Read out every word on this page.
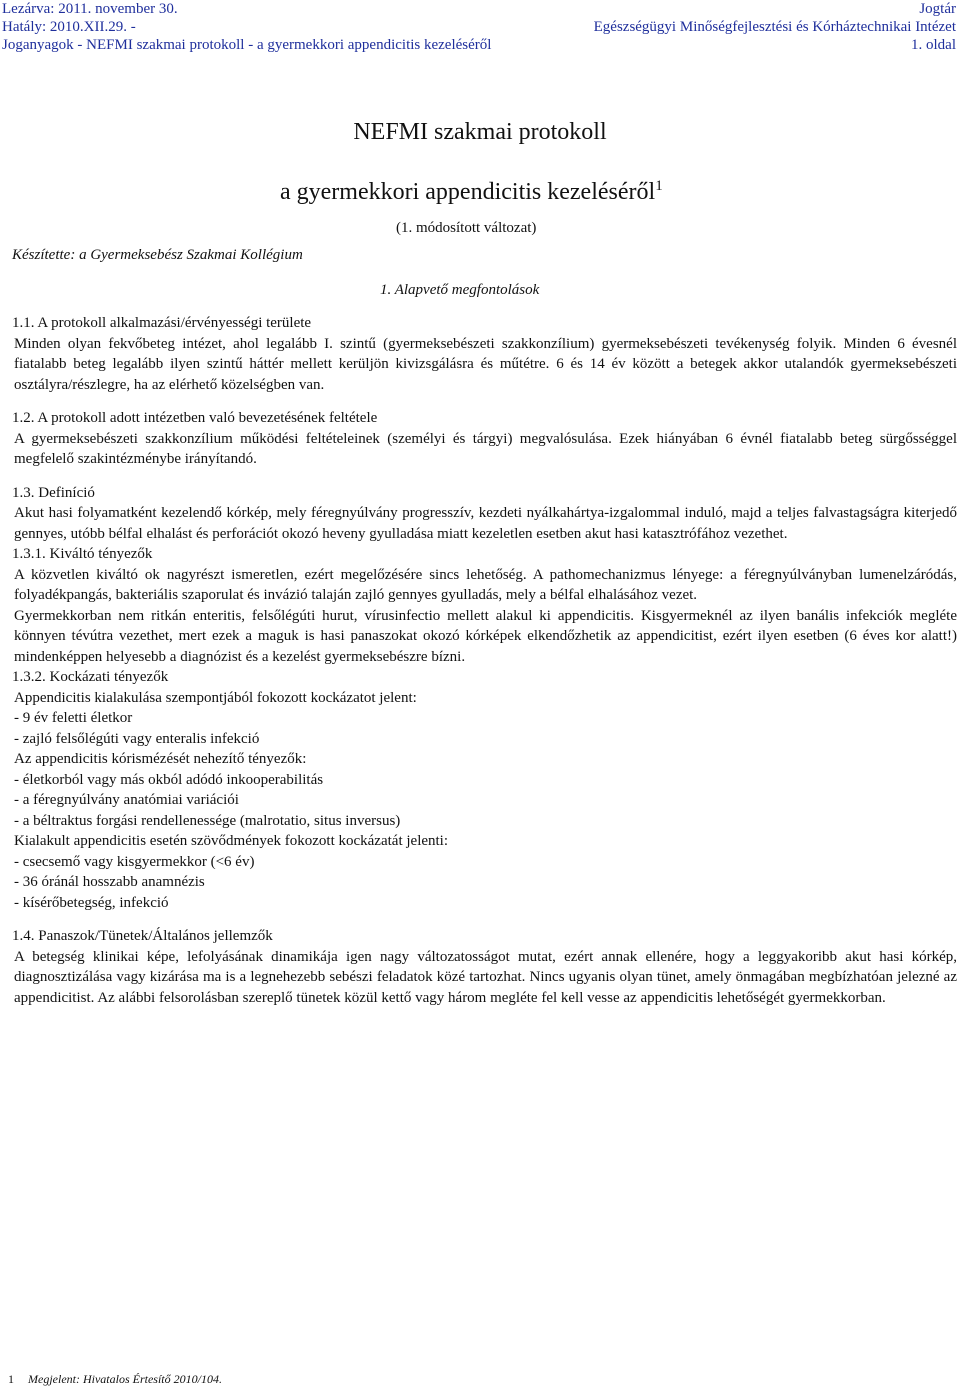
Lezárva: 2011. november 30.
Hatály: 2010.XII.29. -
Joganyagok - NEFMI szakmai protokoll - a gyermekkori appendicitis kezeléséről
Jogtár
Egészségügyi Minőségfejlesztési és Kórháztechnikai Intézet
1. oldal
NEFMI szakmai protokoll
a gyermekkori appendicitis kezeléséről$^1$
(1. módosított változat)
Készítette: a Gyermeksebész Szakmai Kollégium
1. Alapvető megfontolások
1.1. A protokoll alkalmazási/érvényességi területe

Minden olyan fekvőbeteg intézet, ahol legalább I. szintű (gyermeksebészeti szakkonzílium) gyermeksebészeti tevékenység folyik. Minden 6 évesnél fiatalabb beteg legalább ilyen szintű háttér mellett kerüljön kivizsgálásra és műtétre. 6 és 14 év között a betegek akkor utalandók gyermeksebészeti osztályra/részlegre, ha az elérhető közelségben van.

1.2. A protokoll adott intézetben való bevezetésének feltétele

A gyermeksebészeti szakkonzílium működési feltételeinek (személyi és tárgyi) megvalósulása. Ezek hiányában 6 évnél fiatalabb beteg sürgősséggel megfelelő szakintézménybe irányítandó.

1.3. Definíció

Akut hasi folyamatként kezelendő kórkép, mely féregnyúlvány progresszív, kezdeti nyálkahártya-izgalommal induló, majd a teljes falvastagságra kiterjedő gennyes, utóbb bélfal elhalást és perforációt okozó heveny gyulladása miatt kezeletlen esetben akut hasi katasztrófához vezethet.

1.3.1. Kiváltó tényezők

A közvetlen kiváltó ok nagyrészt ismeretlen, ezért megelőzésére sincs lehetőség. A pathomechanizmus lényege: a féregnyúlványban lumenelzáródás, folyadékpangás, bakteriális szaporulat és invázió talaján zajló gennyes gyulladás, mely a bélfal elhalásához vezet.

Gyermekkorban nem ritkán enteritis, felsőlégúti hurut, vírusinfectio mellett alakul ki appendicitis. Kisgyermeknél az ilyen banális infekciók megléte könnyen tévútra vezethet, mert ezek a maguk is hasi panaszokat okozó kórképek elkendőzhetik az appendicitist, ezért ilyen esetben (6 éves kor alatt!) mindenképpen helyesebb a diagnózist és a kezelést gyermeksebészre bízni.

1.3.2. Kockázati tényezők
Appendicitis kialakulása szempontjából fokozott kockázatot jelent:
- 9 év feletti életkor
- zajló felsőlégúti vagy enteralis infekció
Az appendicitis kórismézését nehezítő tényezők:
- életkorból vagy más okból adódó inkooperabilitás
- a féregnyúlvány anatómiai variációi
- a béltraktus forgási rendellenessége (malrotatio, situs inversus)
Kialakult appendicitis esetén szövődmények fokozott kockázatát jelenti:
- csecsemő vagy kisgyermekkor (<6 év)
- 36 óránál hosszabb anamnézis
- kísérőbetegség, infekció
1.4. Panaszok/Tünetek/Általános jellemzők

A betegség klinikai képe, lefolyásának dinamikája igen nagy változatosságot mutat, ezért annak ellenére, hogy a leggyakoribb akut hasi kórkép, diagnosztizálása vagy kizárása ma is a legnehezebb sebészi feladatok közé tartozhat. Nincs ugyanis olyan tünet, amely önmagában megbízhatóan jelezné az appendicitist. Az alábbi felsorolásban szereplő tünetek közül kettő vagy három megléte fel kell vesse az appendicitis lehetőségét gyermekkorban.

1 Megjelent: Hivatalos Értesítő 2010/104.
